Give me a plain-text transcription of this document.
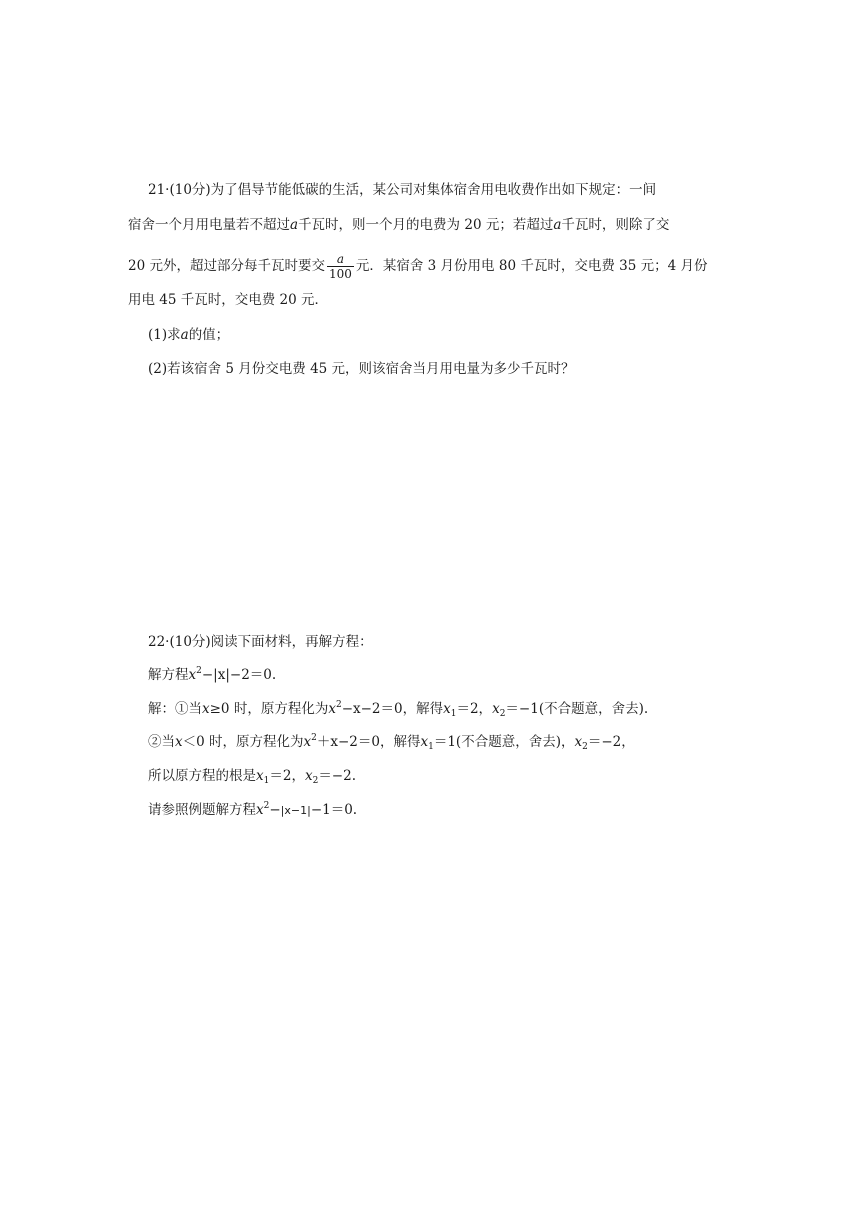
21·(10分)为了倡导节能低碳的生活，某公司对集体宿舍用电收费作出如下规定：一间
宿舍一个月用电量若不超过a千瓦时，则一个月的电费为 20 元；若超过a千瓦时，则除了交
20 元外，超过部分每千瓦时要交 $\frac{a}{100}$ 元．某宿舍 3 月份用电 80 千瓦时，交电费 35 元；4 月份
用电 45 千瓦时，交电费 20 元．
(1)求a的值；
(2)若该宿舍 5 月份交电费 45 元，则该宿舍当月用电量为多少千瓦时？
22·(10分)阅读下面材料，再解方程：
解方程$x^2-|x|-2=0$.
解：①当x≥0 时，原方程化为$x^2-x-2=0$，解得$x_1=2$，$x_2=-1$(不合题意，舍去).
②当x＜0 时，原方程化为$x^2+x-2=0$，解得$x_1=1$(不合题意，舍去)，$x_2=-2$，
所以原方程的根是$x_1=2$，$x_2=-2$.
请参照例题解方程$x^2-|x-1|-1=0$.
